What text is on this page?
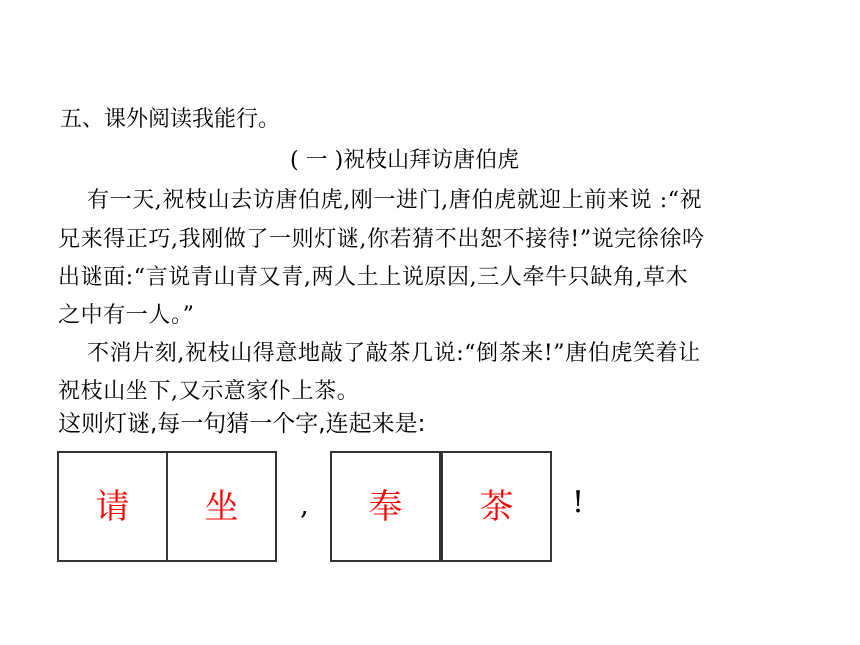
五、课外阅读我能行。
( 一 )祝枝山拜访唐伯虎
有一天,祝枝山去访唐伯虎,刚一进门,唐伯虎就迎上前来说 :“祝
兄来得正巧,我刚做了一则灯谜,你若猜不出恕不接待!”说完徐徐吟
出谜面:“言说青山青又青,两人土上说原因,三人牵牛只缺角,草木
之中有一人。”
不消片刻,祝枝山得意地敲了敲茶几说:“倒茶来!”唐伯虎笑着让
祝枝山坐下,又示意家仆上茶。
这则灯谜,每一句猜一个字,连起来是:
请	坐	,	奉	茶	!
